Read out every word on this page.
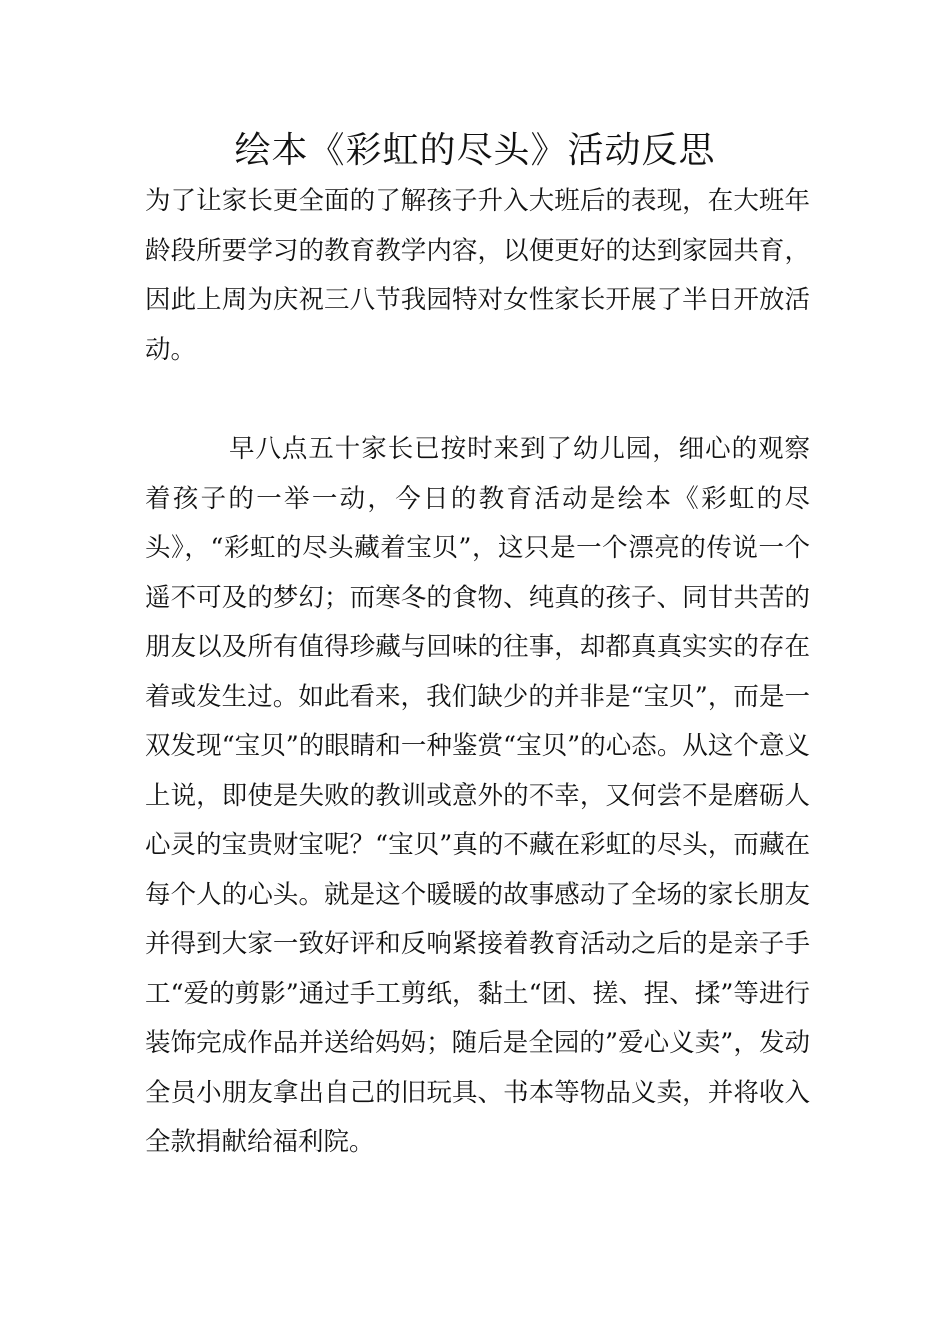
绘本《彩虹的尽头》活动反思

为了让家长更全面的了解孩子升入大班后的表现，在大班年龄段所要学习的教育教学内容，以便更好的达到家园共育，因此上周为庆祝三八节我园特对女性家长开展了半日开放活动。

早八点五十家长已按时来到了幼儿园，细心的观察着孩子的一举一动，今日的教育活动是绘本《彩虹的尽头》，“彩虹的尽头藏着宝贝”，这只是一个漂亮的传说一个遥不可及的梦幻；而寒冬的食物、纯真的孩子、同甘共苦的朋友以及所有值得珍藏与回味的往事，却都真真实实的存在着或发生过。如此看来，我们缺少的并非是“宝贝”，而是一双发现“宝贝”的眼睛和一种鉴赏“宝贝”的心态。从这个意义上说，即使是失败的教训或意外的不幸，又何尝不是磨砺人心灵的宝贵财宝呢？“宝贝”真的不藏在彩虹的尽头，而藏在每个人的心头。就是这个暖暖的故事感动了全场的家长朋友并得到大家一致好评和反响紧接着教育活动之后的是亲子手工“爱的剪影”通过手工剪纸，黏土“团、搓、捏、揉”等进行装饰完成作品并送给妈妈；随后是全园的”爱心义卖”，发动全员小朋友拿出自己的旧玩具、书本等物品义卖，并将收入全款捐献给福利院。
